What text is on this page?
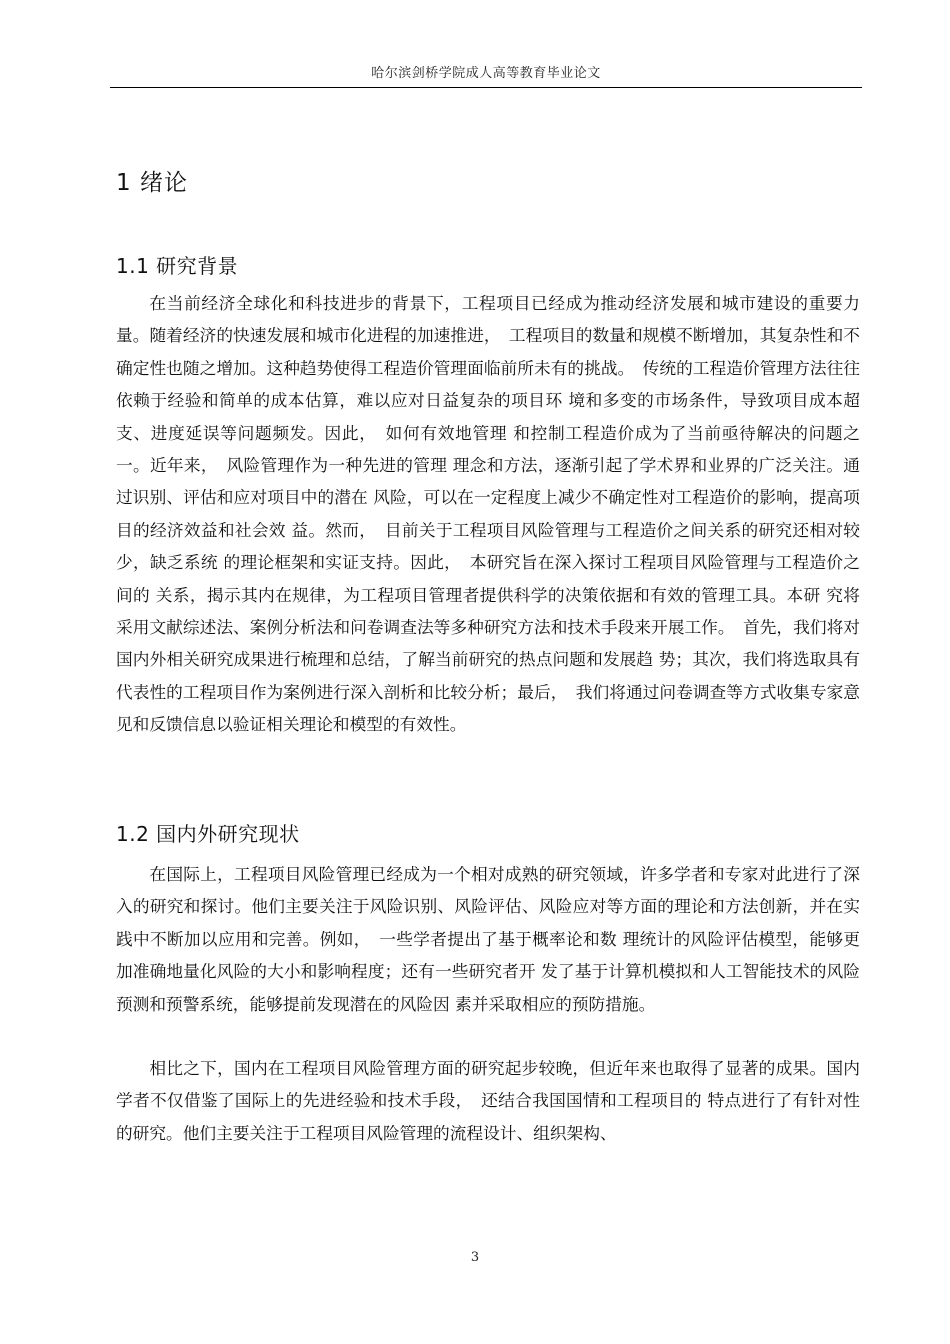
哈尔滨剑桥学院成人高等教育毕业论文
1 绪论
1.1 研究背景

在当前经济全球化和科技进步的背景下，工程项目已经成为推动经济发展和城市建设的重要力量。随着经济的快速发展和城市化进程的加速推进，　工程项目的数量和规模不断增加，其复杂性和不确定性也随之增加。这种趋势使得工程造价管理面临前所未有的挑战。　传统的工程造价管理方法往往依赖于经验和简单的成本估算，难以应对日益复杂的项目环 境和多变的市场条件，导致项目成本超支、进度延误等问题频发。因此，　如何有效地管理 和控制工程造价成为了当前亟待解决的问题之一。近年来，　风险管理作为一种先进的管理 理念和方法，逐渐引起了学术界和业界的广泛关注。通过识别、评估和应对项目中的潜在 风险，可以在一定程度上减少不确定性对工程造价的影响，提高项目的经济效益和社会效 益。然而，　目前关于工程项目风险管理与工程造价之间关系的研究还相对较少，缺乏系统 的理论框架和实证支持。因此，　本研究旨在深入探讨工程项目风险管理与工程造价之间的 关系，揭示其内在规律，为工程项目管理者提供科学的决策依据和有效的管理工具。本研 究将采用文献综述法、案例分析法和问卷调查法等多种研究方法和技术手段来开展工作。　首先，我们将对国内外相关研究成果进行梳理和总结，了解当前研究的热点问题和发展趋 势；其次，我们将选取具有代表性的工程项目作为案例进行深入剖析和比较分析；最后，　我们将通过问卷调查等方式收集专家意见和反馈信息以验证相关理论和模型的有效性。

1.2 国内外研究现状

在国际上，工程项目风险管理已经成为一个相对成熟的研究领域，许多学者和专家对此进行了深入的研究和探讨。他们主要关注于风险识别、风险评估、风险应对等方面的理论和方法创新，并在实践中不断加以应用和完善。例如，　一些学者提出了基于概率论和数 理统计的风险评估模型，能够更加准确地量化风险的大小和影响程度；还有一些研究者开 发了基于计算机模拟和人工智能技术的风险预测和预警系统，能够提前发现潜在的风险因 素并采取相应的预防措施。

相比之下，国内在工程项目风险管理方面的研究起步较晚，但近年来也取得了显著的成果。国内学者不仅借鉴了国际上的先进经验和技术手段，　还结合我国国情和工程项目的 特点进行了有针对性的研究。他们主要关注于工程项目风险管理的流程设计、组织架构、

3
